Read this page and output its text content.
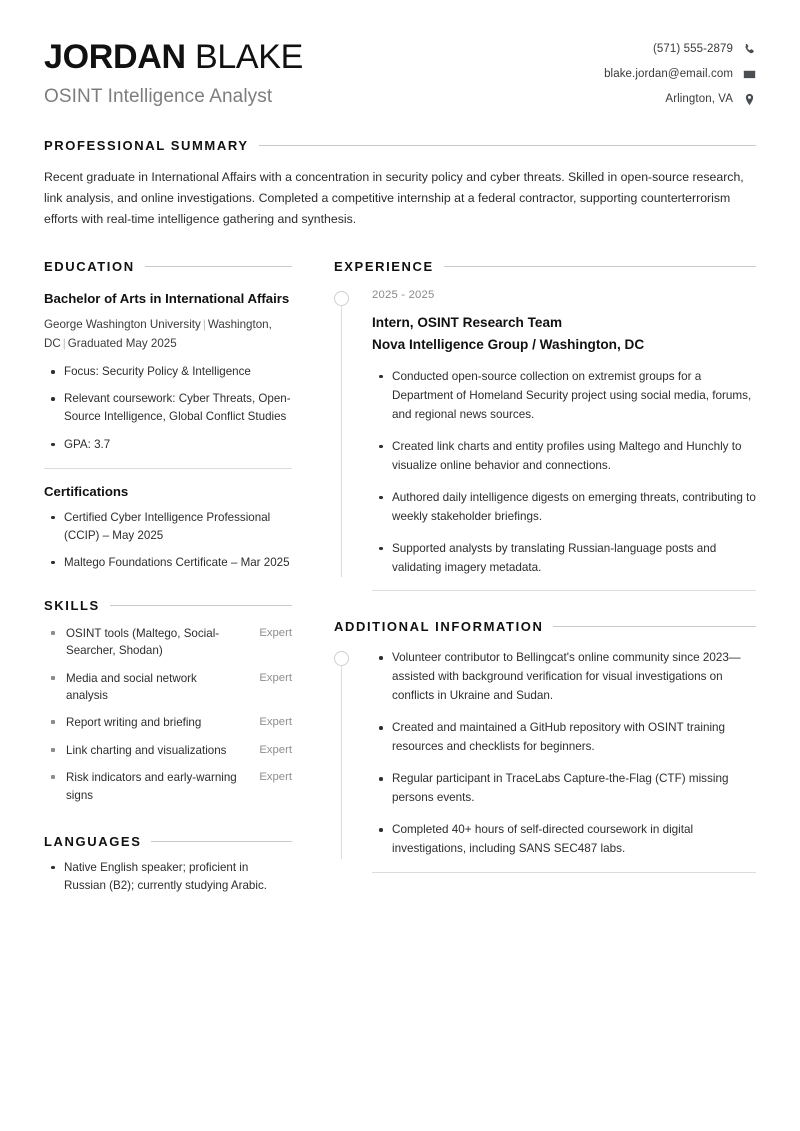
JORDAN BLAKE
OSINT Intelligence Analyst
(571) 555-2879
blake.jordan@email.com
Arlington, VA
PROFESSIONAL SUMMARY

Recent graduate in International Affairs with a concentration in security policy and cyber threats. Skilled in open-source research, link analysis, and online investigations. Completed a competitive internship at a federal contractor, supporting counterterrorism efforts with real-time intelligence gathering and synthesis.

EDUCATION
Bachelor of Arts in International Affairs
George Washington University | Washington, DC | Graduated May 2025
Focus: Security Policy & Intelligence
Relevant coursework: Cyber Threats, Open-Source Intelligence, Global Conflict Studies
GPA: 3.7
Certifications
Certified Cyber Intelligence Professional (CCIP) – May 2025
Maltego Foundations Certificate – Mar 2025
SKILLS
OSINT tools (Maltego, Social-Searcher, Shodan)
Expert
Media and social network analysis
Expert
Report writing and briefing	Expert
Link charting and visualizations	Expert
Risk indicators and early-warning signs
Expert
LANGUAGES
Native English speaker; proficient in Russian (B2); currently studying Arabic.
EXPERIENCE
2025 - 2025
Intern, OSINT Research Team
Nova Intelligence Group / Washington, DC
Conducted open-source collection on extremist groups for a Department of Homeland Security project using social media, forums, and regional news sources.
Created link charts and entity profiles using Maltego and Hunchly to visualize online behavior and connections.
Authored daily intelligence digests on emerging threats, contributing to weekly stakeholder briefings.
Supported analysts by translating Russian-language posts and validating imagery metadata.
ADDITIONAL INFORMATION
Volunteer contributor to Bellingcat's online community since 2023—assisted with background verification for visual investigations on conflicts in Ukraine and Sudan.
Created and maintained a GitHub repository with OSINT training resources and checklists for beginners.
Regular participant in TraceLabs Capture-the-Flag (CTF) missing persons events.
Completed 40+ hours of self-directed coursework in digital investigations, including SANS SEC487 labs.
